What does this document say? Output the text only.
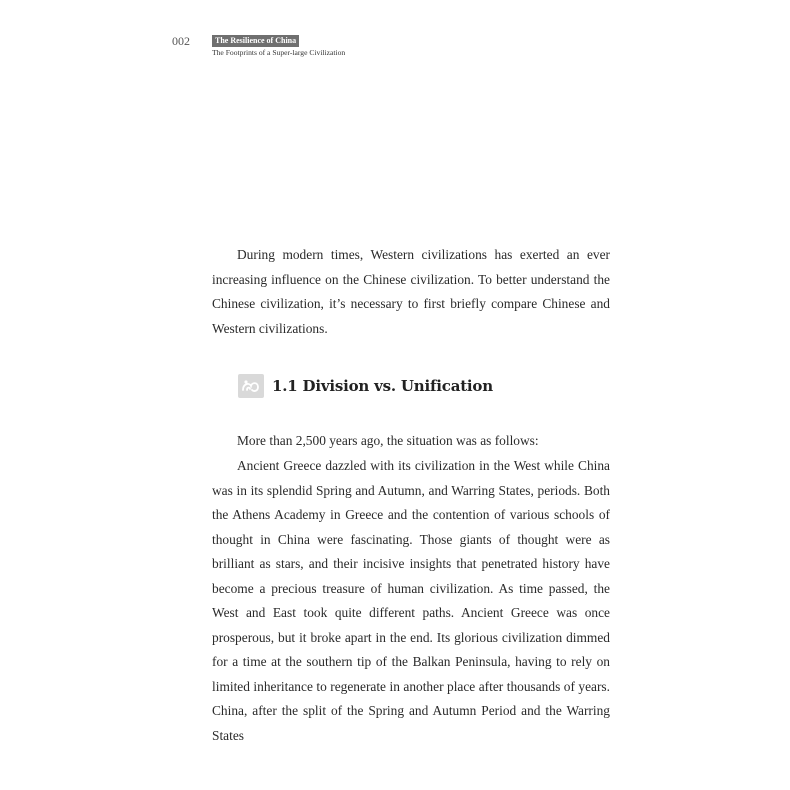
002	The Resilience of China
The Footprints of a Super-large Civilization

During modern times, Western civilizations has exerted an ever increasing influence on the Chinese civilization. To better understand the Chinese civilization, it’s necessary to first briefly compare Chinese and Western civilizations.

1.1 Division vs. Unification

More than 2,500 years ago, the situation was as follows:

Ancient Greece dazzled with its civilization in the West while China was in its splendid Spring and Autumn, and Warring States, periods. Both the Athens Academy in Greece and the contention of various schools of thought in China were fascinating. Those giants of thought were as brilliant as stars, and their incisive insights that penetrated history have become a precious treasure of human civilization. As time passed, the West and East took quite different paths. Ancient Greece was once prosperous, but it broke apart in the end. Its glorious civilization dimmed for a time at the southern tip of the Balkan Peninsula, having to rely on limited inheritance to regenerate in another place after thousands of years. China, after the split of the Spring and Autumn Period and the Warring States
